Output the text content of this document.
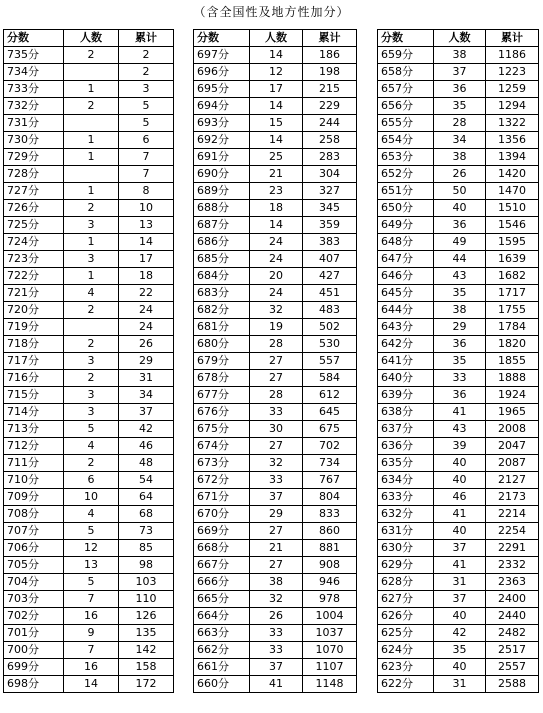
（含全国性及地方性加分）
分数	人数	累计
735分	2	2
734分		2
733分	1	3
732分	2	5
731分		5
730分	1	6
729分	1	7
728分		7
727分	1	8
726分	2	10
725分	3	13
724分	1	14
723分	3	17
722分	1	18
721分	4	22
720分	2	24
719分		24
718分	2	26
717分	3	29
716分	2	31
715分	3	34
714分	3	37
713分	5	42
712分	4	46
711分	2	48
710分	6	54
709分	10	64
708分	4	68
707分	5	73
706分	12	85
705分	13	98
704分	5	103
703分	7	110
702分	16	126
701分	9	135
700分	7	142
699分	16	158
698分	14	172
分数	人数	累计
697分	14	186
696分	12	198
695分	17	215
694分	14	229
693分	15	244
692分	14	258
691分	25	283
690分	21	304
689分	23	327
688分	18	345
687分	14	359
686分	24	383
685分	24	407
684分	20	427
683分	24	451
682分	32	483
681分	19	502
680分	28	530
679分	27	557
678分	27	584
677分	28	612
676分	33	645
675分	30	675
674分	27	702
673分	32	734
672分	33	767
671分	37	804
670分	29	833
669分	27	860
668分	21	881
667分	27	908
666分	38	946
665分	32	978
664分	26	1004
663分	33	1037
662分	33	1070
661分	37	1107
660分	41	1148
分数	人数	累计
659分	38	1186
658分	37	1223
657分	36	1259
656分	35	1294
655分	28	1322
654分	34	1356
653分	38	1394
652分	26	1420
651分	50	1470
650分	40	1510
649分	36	1546
648分	49	1595
647分	44	1639
646分	43	1682
645分	35	1717
644分	38	1755
643分	29	1784
642分	36	1820
641分	35	1855
640分	33	1888
639分	36	1924
638分	41	1965
637分	43	2008
636分	39	2047
635分	40	2087
634分	40	2127
633分	46	2173
632分	41	2214
631分	40	2254
630分	37	2291
629分	41	2332
628分	31	2363
627分	37	2400
626分	40	2440
625分	42	2482
624分	35	2517
623分	40	2557
622分	31	2588
